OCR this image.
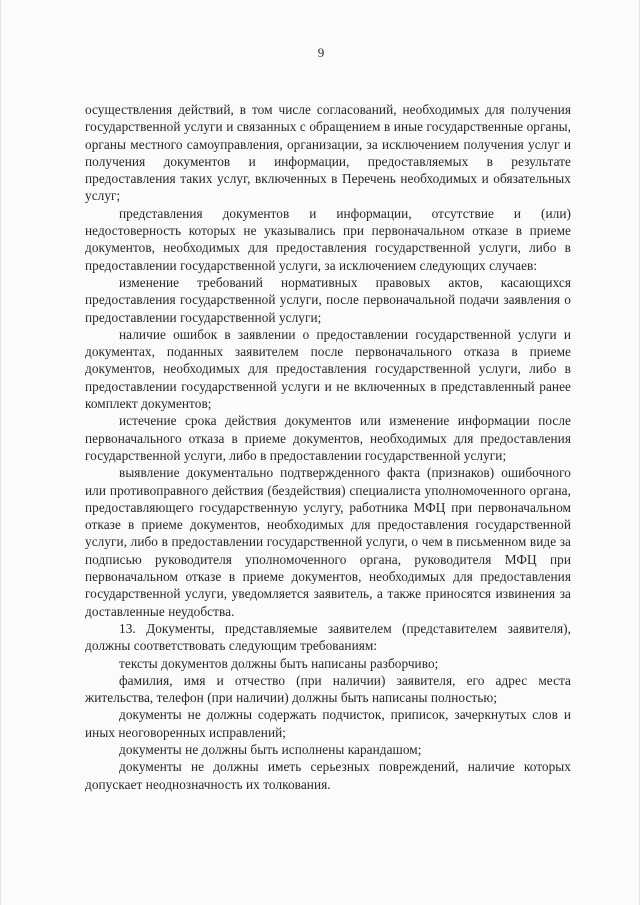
9

осуществления действий, в том числе согласований, необходимых для получения государственной услуги и связанных с обращением в иные государственные органы, органы местного самоуправления, организации, за исключением получения услуг и получения документов и информации, предоставляемых в результате предоставления таких услуг, включенных в Перечень необходимых и обязательных услуг;

представления документов и информации, отсутствие и (или) недостоверность которых не указывались при первоначальном отказе в приеме документов, необходимых для предоставления государственной услуги, либо в предоставлении государственной услуги, за исключением следующих случаев:

изменение требований нормативных правовых актов, касающихся предоставления государственной услуги, после первоначальной подачи заявления о предоставлении государственной услуги;

наличие ошибок в заявлении о предоставлении государственной услуги и документах, поданных заявителем после первоначального отказа в приеме документов, необходимых для предоставления государственной услуги, либо в предоставлении государственной услуги и не включенных в представленный ранее комплект документов;

истечение срока действия документов или изменение информации после первоначального отказа в приеме документов, необходимых для предоставления государственной услуги, либо в предоставлении государственной услуги;

выявление документально подтвержденного факта (признаков) ошибочного или противоправного действия (бездействия) специалиста уполномоченного органа, предоставляющего государственную услугу, работника МФЦ при первоначальном отказе в приеме документов, необходимых для предоставления государственной услуги, либо в предоставлении государственной услуги, о чем в письменном виде за подписью руководителя уполномоченного органа, руководителя МФЦ при первоначальном отказе в приеме документов, необходимых для предоставления государственной услуги, уведомляется заявитель, а также приносятся извинения за доставленные неудобства.

13. Документы, представляемые заявителем (представителем заявителя), должны соответствовать следующим требованиям:

тексты документов должны быть написаны разборчиво;

фамилия, имя и отчество (при наличии) заявителя, его адрес места жительства, телефон (при наличии) должны быть написаны полностью;

документы не должны содержать подчисток, приписок, зачеркнутых слов и иных неоговоренных исправлений;

документы не должны быть исполнены карандашом;

документы не должны иметь серьезных повреждений, наличие которых допускает неоднозначность их толкования.
